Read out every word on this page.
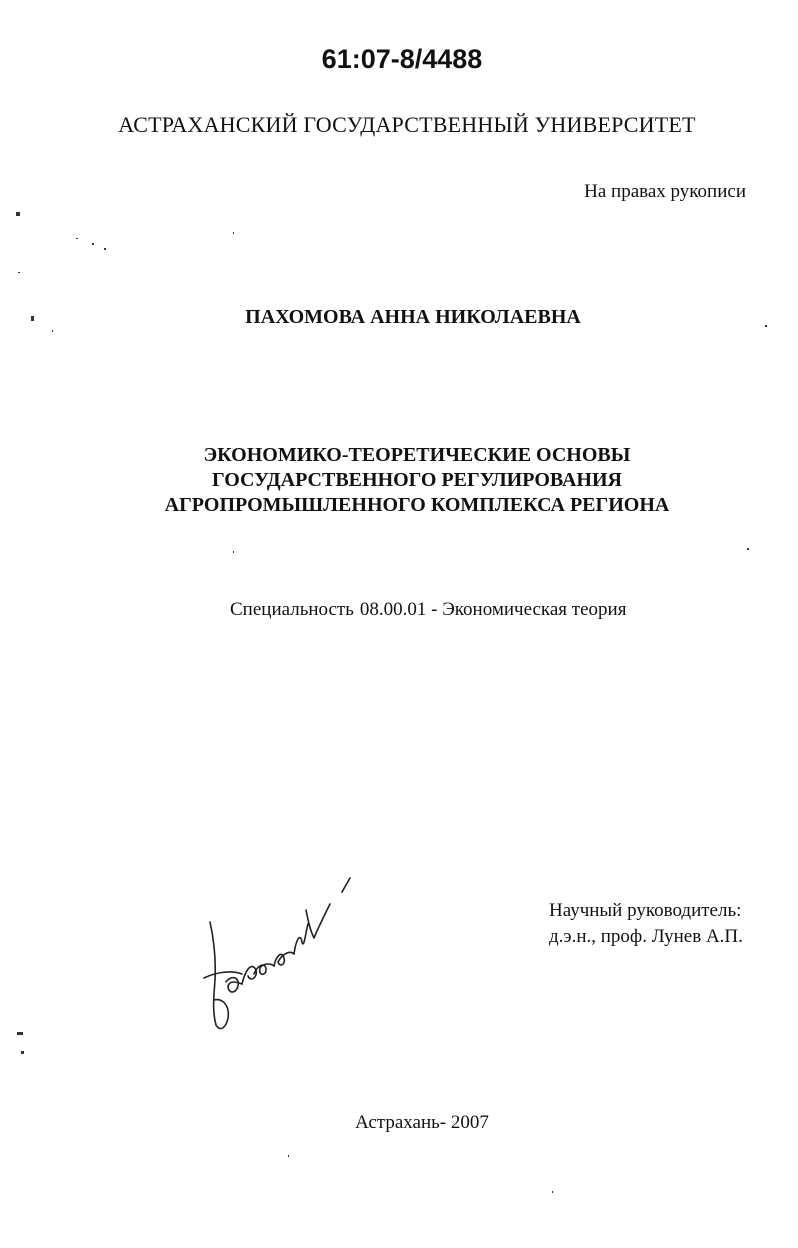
61:07-8/4488
АСТРАХАНСКИЙ ГОСУДАРСТВЕННЫЙ УНИВЕРСИТЕТ
На правах рукописи
ПАХОМОВА АННА НИКОЛАЕВНА
ЭКОНОМИКО-ТЕОРЕТИЧЕСКИЕ ОСНОВЫ
ГОСУДАРСТВЕННОГО РЕГУЛИРОВАНИЯ
АГРОПРОМЫШЛЕННОГО КОМПЛЕКСА РЕГИОНА
Специальность 08.00.01 - Экономическая теория
Научный руководитель:
д.э.н., проф. Лунев А.П.
Астрахань- 2007
